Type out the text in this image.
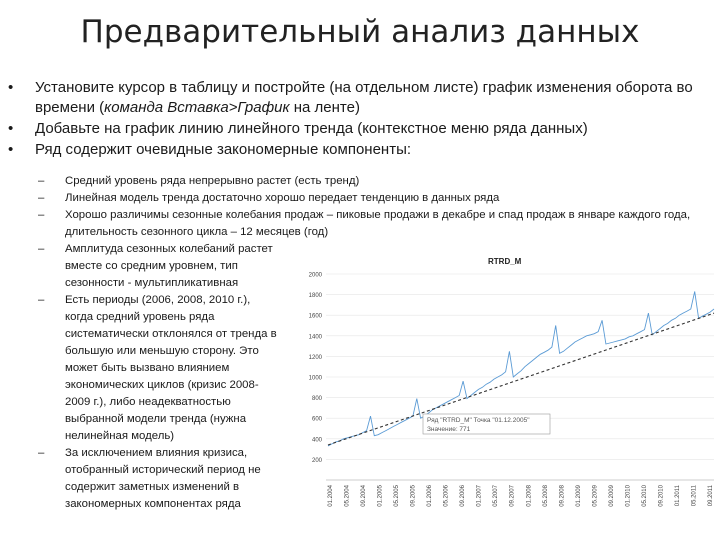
Предварительный анализ данных
• Установите курсор в таблицу и постройте (на отдельном листе) график изменения оборота во времени (команда Вставка>График на ленте)
• Добавьте на график линию линейного тренда (контекстное меню ряда данных)
• Ряд содержит очевидные закономерные компоненты:
– Средний уровень ряда непрерывно растет (есть тренд)
– Линейная модель тренда достаточно хорошо передает тенденцию в данных ряда
– Хорошо различимы сезонные колебания продаж – пиковые продажи в декабре и спад продаж в январе каждого года, длительность сезонного цикла – 12 месяцев (год)
– Амплитуда сезонных колебаний растет вместе со средним уровнем, тип сезонности - мультипликативная
– Есть периоды (2006, 2008, 2010 г.), когда средний уровень ряда систематически отклонялся от тренда в большую или меньшую сторону. Это может быть вызвано влиянием экономических циклов (кризис 2008-2009 г.), либо неадекватностью выбранной модели тренда (нужна нелинейная модель)
– За исключением влияния кризиса, отобранный исторический период не содержит заметных изменений в закономерных компонентах ряда
RTRD_M
200
400
600
800
1000
1200
1400
1600
1800
2000
01.2004 05.2004 09.2004 01.2005 05.2005 09.2005 01.2006 05.2006 09.2006 01.2007 05.2007 09.2007 01.2008 05.2008 09.2008 01.2009 05.2009 09.2009 01.2010 05.2010 09.2010 01.2011 05.2011 09.2011
Ряд "RTRD_M" Точка "01.12.2005"
Значение: 771
